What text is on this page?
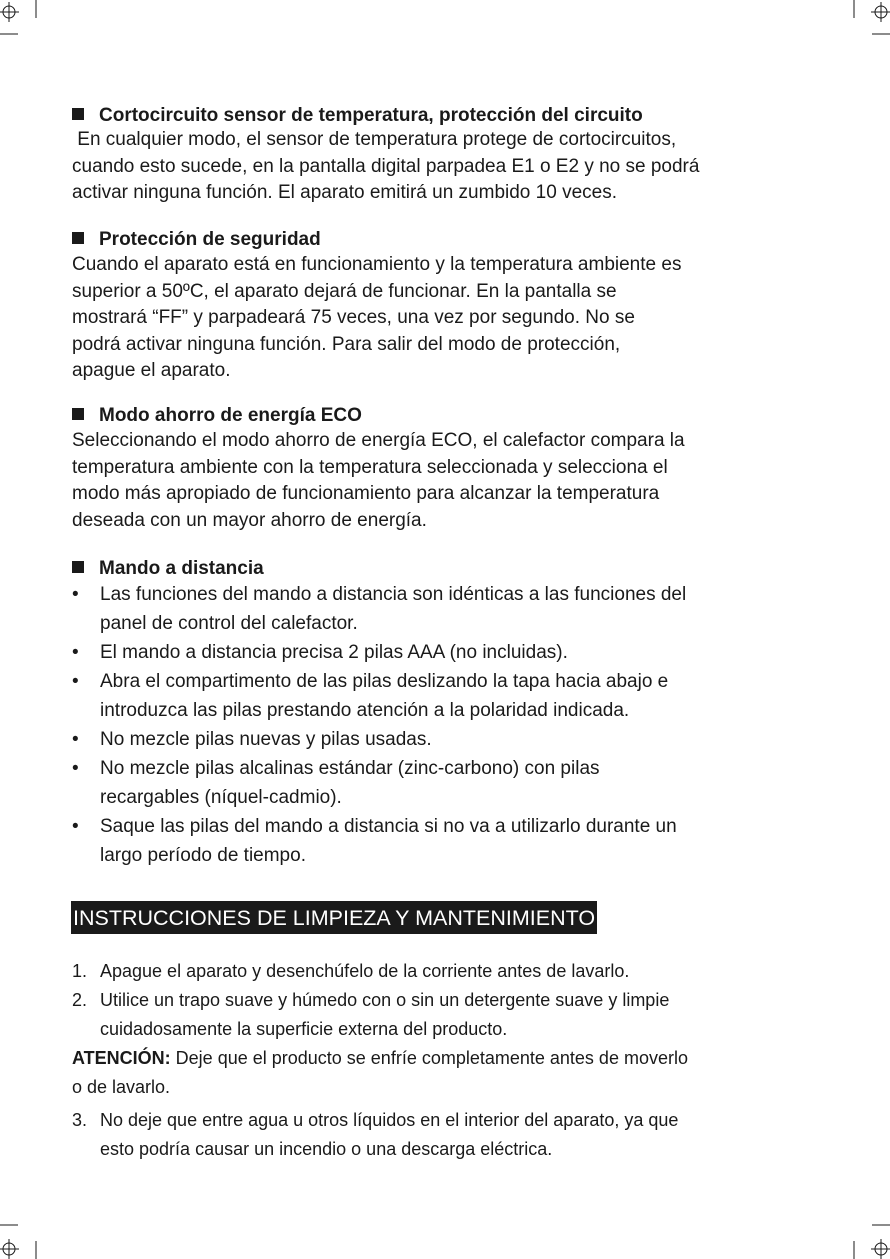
Cortocircuito sensor de temperatura, protección del circuito
En cualquier modo, el sensor de temperatura protege de cortocircuitos,
cuando esto sucede, en la pantalla digital parpadea E1 o E2 y no se podrá
activar ninguna función. El aparato emitirá un zumbido 10 veces.
Protección de seguridad
Cuando el aparato está en funcionamiento y la temperatura ambiente es
superior a 50ºC, el aparato dejará de funcionar. En la pantalla se
mostrará “FF” y parpadeará 75 veces, una vez por segundo. No se
podrá activar ninguna función. Para salir del modo de protección,
apague el aparato.
Modo ahorro de energía ECO
Seleccionando el modo ahorro de energía ECO, el calefactor compara la
temperatura ambiente con la temperatura seleccionada y selecciona el
modo más apropiado de funcionamiento para alcanzar la temperatura
deseada con un mayor ahorro de energía.
Mando a distancia
•	Las funciones del mando a distancia son idénticas a las funciones del
panel de control del calefactor.
•	El mando a distancia precisa 2 pilas AAA (no incluidas).
•	Abra el compartimento de las pilas deslizando la tapa hacia abajo e
introduzca las pilas prestando atención a la polaridad indicada.
•	No mezcle pilas nuevas y pilas usadas.
•	No mezcle pilas alcalinas estándar (zinc-carbono) con pilas
recargables (níquel-cadmio).
•	Saque las pilas del mando a distancia si no va a utilizarlo durante un
largo período de tiempo.
INSTRUCCIONES DE LIMPIEZA Y MANTENIMIENTO
1. Apague el aparato y desenchúfelo de la corriente antes de lavarlo.
2. Utilice un trapo suave y húmedo con o sin un detergente suave y limpie
cuidadosamente la superficie externa del producto.
ATENCIÓN: Deje que el producto se enfríe completamente antes de moverlo
o de lavarlo.
3. No deje que entre agua u otros líquidos en el interior del aparato, ya que
esto podría causar un incendio o una descarga eléctrica.
